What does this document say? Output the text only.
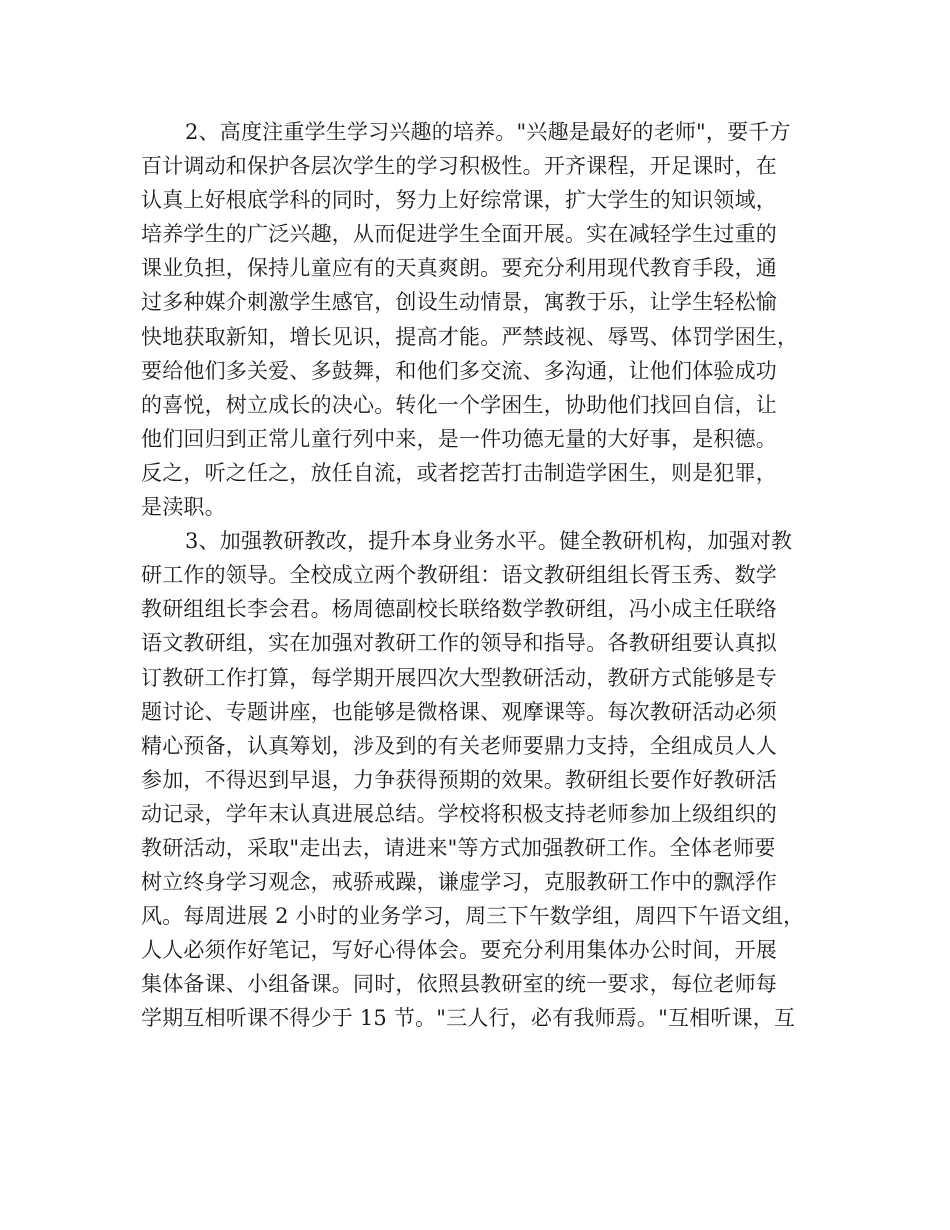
2、高度注重学生学习兴趣的培养。"兴趣是最好的老师"，要千方
百计调动和保护各层次学生的学习积极性。开齐课程，开足课时，在
认真上好根底学科的同时，努力上好综常课，扩大学生的知识领域，
培养学生的广泛兴趣，从而促进学生全面开展。实在减轻学生过重的
课业负担，保持儿童应有的天真爽朗。要充分利用现代教育手段，通
过多种媒介刺激学生感官，创设生动情景，寓教于乐，让学生轻松愉
快地获取新知，增长见识，提高才能。严禁歧视、辱骂、体罚学困生，
要给他们多关爱、多鼓舞，和他们多交流、多沟通，让他们体验成功
的喜悦，树立成长的决心。转化一个学困生，协助他们找回自信，让
他们回归到正常儿童行列中来，是一件功德无量的大好事，是积德。
反之，听之任之，放任自流，或者挖苦打击制造学困生，则是犯罪，
是渎职。
3、加强教研教改，提升本身业务水平。健全教研机构，加强对教
研工作的领导。全校成立两个教研组：语文教研组组长胥玉秀、数学
教研组组长李会君。杨周德副校长联络数学教研组，冯小成主任联络
语文教研组，实在加强对教研工作的领导和指导。各教研组要认真拟
订教研工作打算，每学期开展四次大型教研活动，教研方式能够是专
题讨论、专题讲座，也能够是微格课、观摩课等。每次教研活动必须
精心预备，认真筹划，涉及到的有关老师要鼎力支持，全组成员人人
参加，不得迟到早退，力争获得预期的效果。教研组长要作好教研活
动记录，学年末认真进展总结。学校将积极支持老师参加上级组织的
教研活动，采取"走出去，请进来"等方式加强教研工作。全体老师要
树立终身学习观念，戒骄戒躁，谦虚学习，克服教研工作中的飘浮作
风。每周进展 2 小时的业务学习，周三下午数学组，周四下午语文组，
人人必须作好笔记，写好心得体会。要充分利用集体办公时间，开展
集体备课、小组备课。同时，依照县教研室的统一要求，每位老师每
学期互相听课不得少于 15 节。"三人行，必有我师焉。"互相听课，互
